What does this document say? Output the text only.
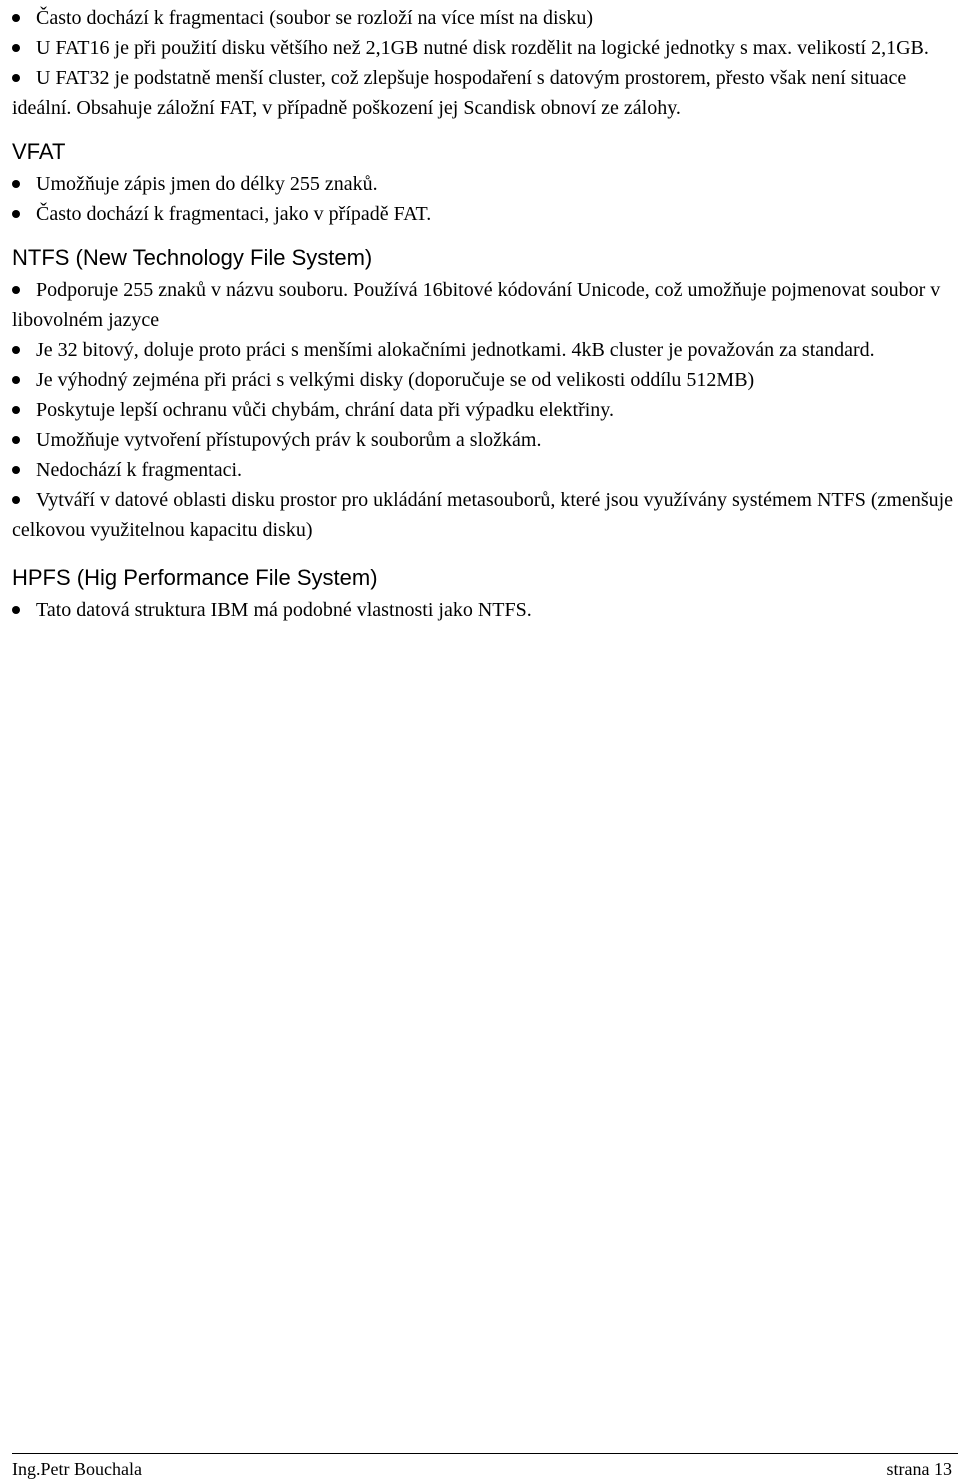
Často dochází k fragmentaci (soubor se rozloží na více míst na disku)
U FAT16 je při použití disku většího než 2,1GB nutné disk rozdělit na logické jednotky s max. velikostí 2,1GB.
U FAT32 je podstatně menší cluster, což zlepšuje hospodaření s datovým prostorem, přesto však není situace ideální. Obsahuje záložní FAT, v případně poškození jej Scandisk obnoví ze zálohy.
VFAT
Umožňuje zápis jmen do délky 255 znaků.
Často dochází k fragmentaci, jako v případě FAT.
NTFS (New Technology File System)
Podporuje 255 znaků v názvu souboru. Používá 16bitové kódování Unicode, což umožňuje pojmenovat soubor v libovolném jazyce
Je 32 bitový, doluje proto práci s menšími alokačními jednotkami. 4kB cluster je považován za standard.
Je výhodný zejména při práci s velkými disky (doporučuje se od velikosti oddílu 512MB)
Poskytuje lepší ochranu vůči chybám, chrání data při výpadku elektřiny.
Umožňuje vytvoření přístupových práv k souborům a složkám.
Nedochází k fragmentaci.
Vytváří v datové oblasti disku prostor pro ukládání metasouborů, které jsou využívány systémem NTFS (zmenšuje celkovou využitelnou kapacitu disku)
HPFS (Hig Performance File System)
Tato datová struktura IBM má podobné vlastnosti jako NTFS.
Ing.Petr Bouchala	strana 13
